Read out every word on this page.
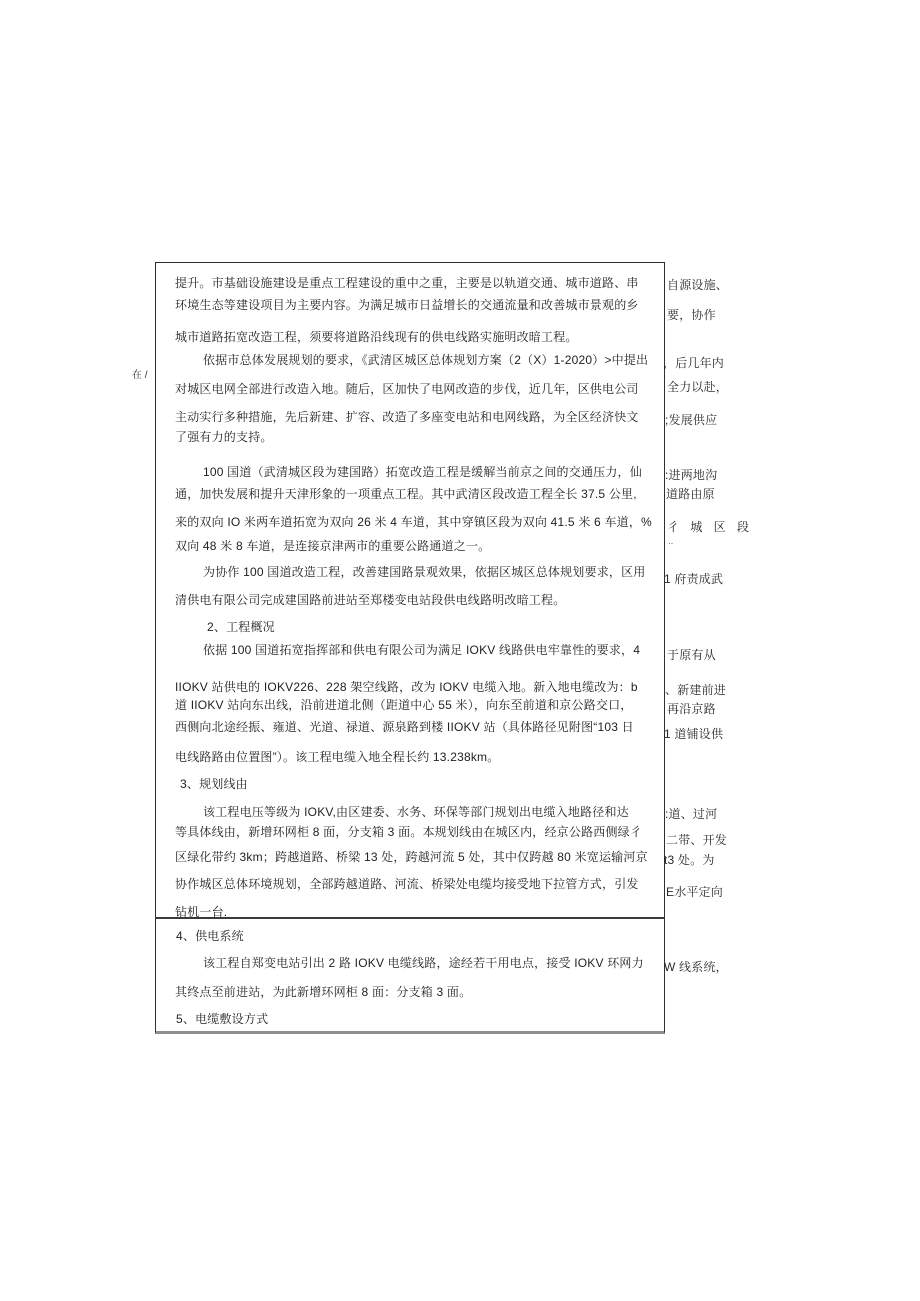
在 /
提升。市基础设施建设是重点工程建设的重中之重，主要是以轨道交通、城市道路、串
环境生态等建设项目为主要内容。为满足城市日益增长的交通流量和改善城市景观的乡
城市道路拓宽改造工程，须要将道路沿线现有的供电线路实施明改暗工程。
依据市总体发展规划的要求，《武清区城区总体规划方案（2（X）1-2020）>中提出
对城区电网全部进行改造入地。随后，区加快了电网改造的步伐，近几年，区供电公司
主动实行多种措施，先后新建、扩容、改造了多座变电站和电网线路，为全区经济快文
了强有力的支持。
100 国道（武清城区段为建国路）拓宽改造工程是缓解当前京之间的交通压力，仙
通，加快发展和提升天津形象的一项重点工程。其中武清区段改造工程全长 37.5 公里,
来的双向 IO 米两车道拓宽为双向 26 米 4 车道，其中穿镇区段为双向 41.5 米 6 车道，%
双向 48 米 8 车道，是连接京津两市的重要公路通道之一。
为协作 100 国道改造工程，改善建国路景观效果，依据区城区总体规划要求，区用
清供电有限公司完成建国路前进站至郑楼变电站段供电线路明改暗工程。
2、工程概况
依据 100 国道拓宽指挥部和供电有限公司为满足 IOKV 线路供电牢靠性的要求，4
IIOKV 站供电的 IOKV226、228 架空线路，改为 IOKV 电缆入地。新入地电缆改为：b
道 IIOKV 站向东出线，沿前进道北侧（距道中心 55 米），向东至前道和京公路交口，
西侧向北途经振、雍道、光道、禄道、源泉路到楼 IIOKV 站（具体路径见附图“103 日
电线路路由位置图”）。该工程电缆入地全程长约 13.238km。
3、规划线由
该工程电压等级为 IOKV,由区建委、水务、环保等部门规划出电缆入地路径和达
等具体线由，新增环网柜 8 面，分支箱 3 面。本规划线由在城区内，经京公路西侧绿彳
区绿化带约 3km；跨越道路、桥梁 13 处，跨越河流 5 处，其中仅跨越 80 米宽运输河京
协作城区总体环境规划，全部跨越道路、河流、桥梁处电缆均接受地下拉管方式，引发
钻机一台.
4、供电系统
该工程自郑变电站引出 2 路 IOKV 电缆线路，途经若干用电点，接受 IOKV 环网力
其终点至前进站，为此新增环网柜 8 面：分支箱 3 面。
5、电缆敷设方式
自源设施、
要，协作
，后几年内
全力以赴，
;发展供应
:进两地沟
道路由原
彳 城 区 段
‥
1 府责成武
于原有从
、新建前进
再沿京路
1 道铺设供
:道、过河
二带、开发
t3 处。为
E水平定向
W 线系统，
